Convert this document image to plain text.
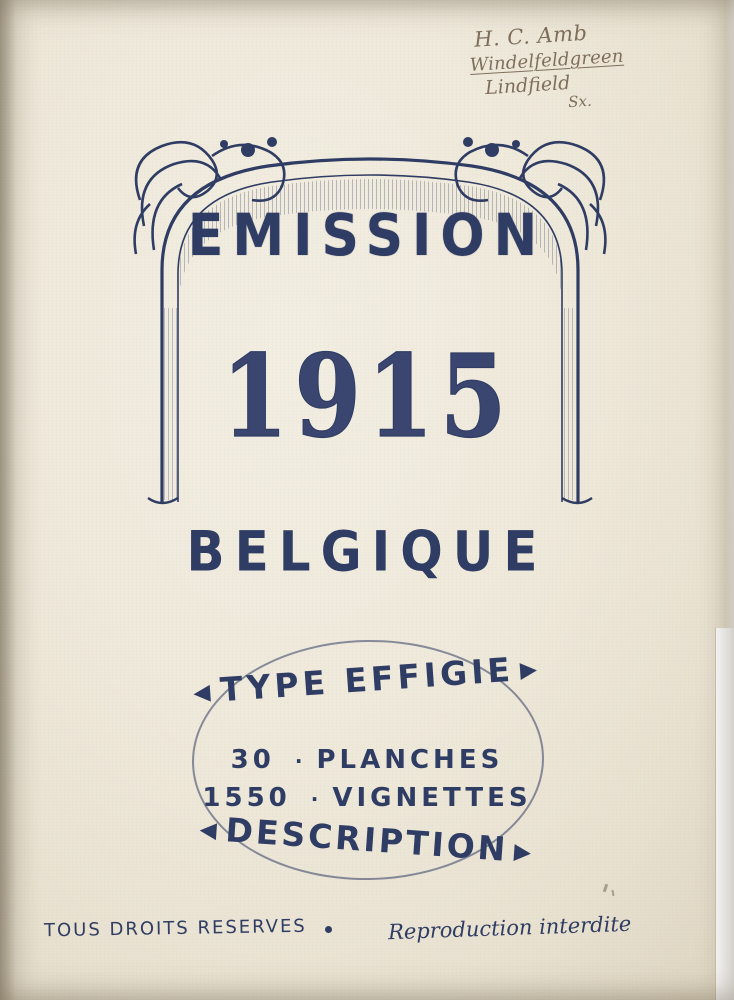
H. C. Amb
Windelfeldgreen
Lindfield
Sx.
EMISSION
1915
BELGIQUE
◀ TYPE EFFIGIE ▶
30 · PLANCHES
1550 · VIGNETTES
◀ DESCRIPTION ▶
TOUS DROITS RESERVES	Reproduction interdite
